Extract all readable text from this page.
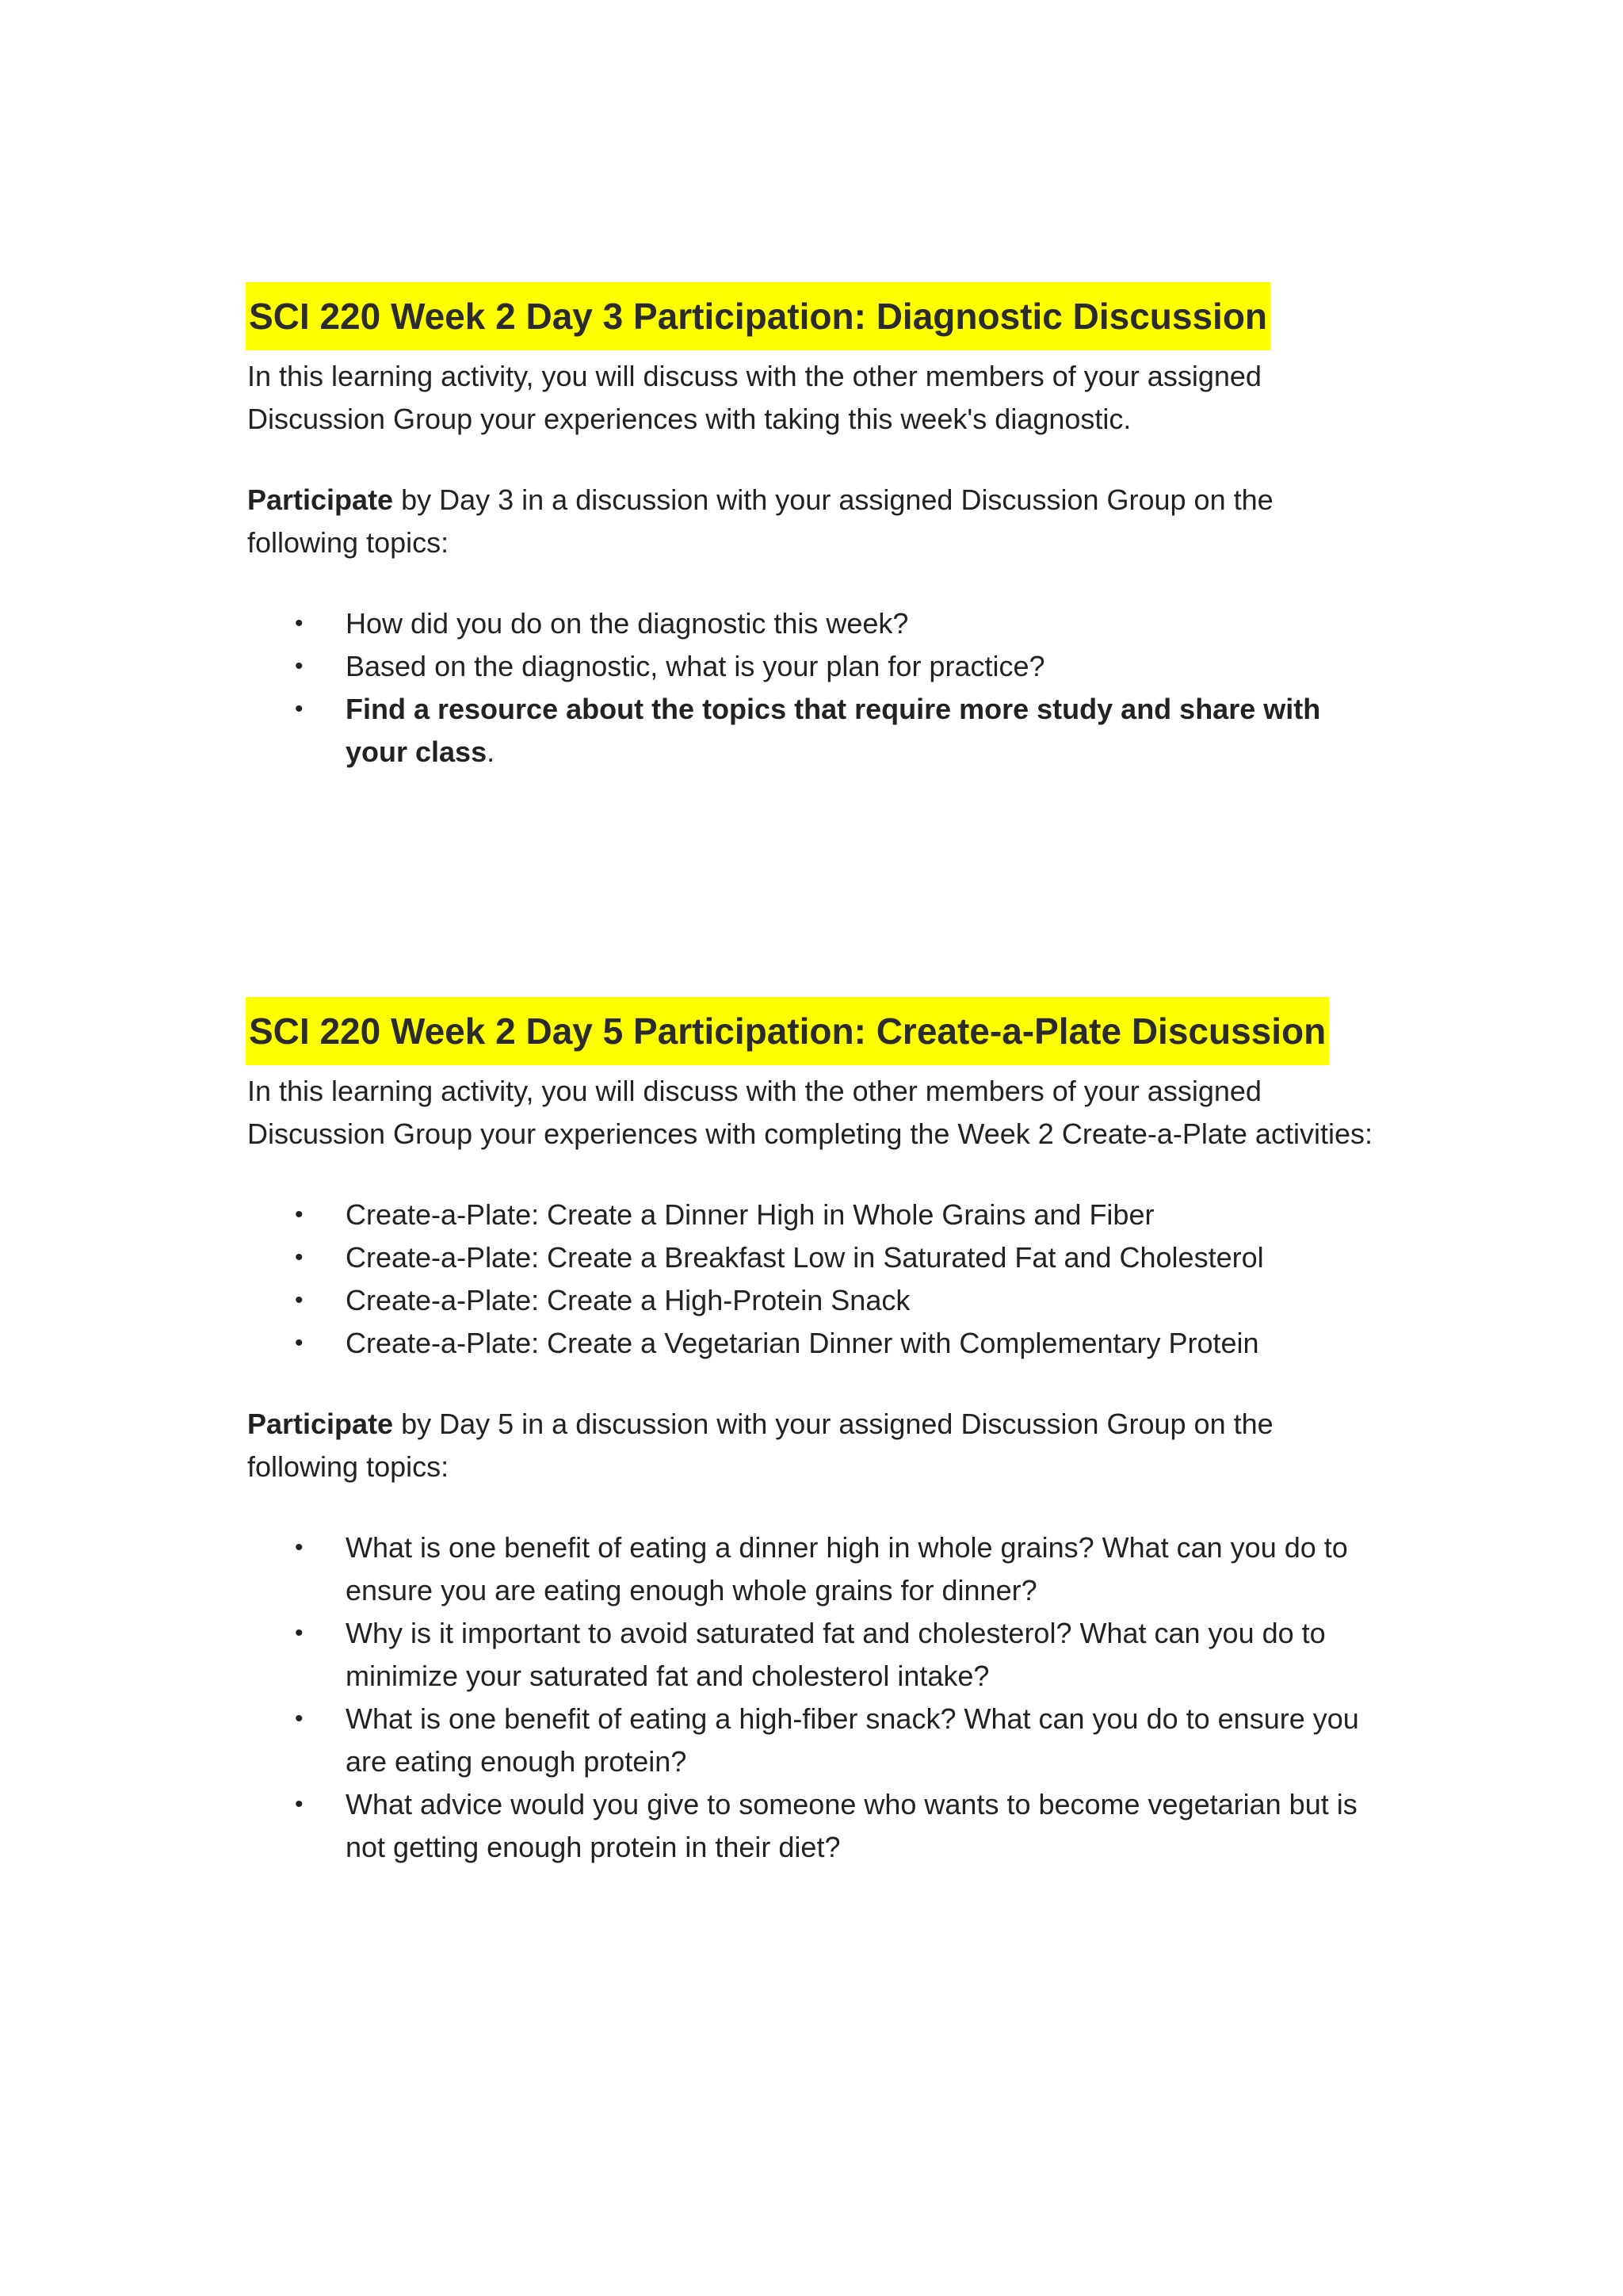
SCI 220 Week 2 Day 3 Participation: Diagnostic Discussion

In this learning activity, you will discuss with the other members of your assigned Discussion Group your experiences with taking this week's diagnostic.

Participate by Day 3 in a discussion with your assigned Discussion Group on the following topics:

• How did you do on the diagnostic this week?
• Based on the diagnostic, what is your plan for practice?
• Find a resource about the topics that require more study and share with your class.
SCI 220 Week 2 Day 5 Participation: Create-a-Plate Discussion

In this learning activity, you will discuss with the other members of your assigned Discussion Group your experiences with completing the Week 2 Create-a-Plate activities:

• Create-a-Plate: Create a Dinner High in Whole Grains and Fiber
• Create-a-Plate: Create a Breakfast Low in Saturated Fat and Cholesterol
• Create-a-Plate: Create a High-Protein Snack
• Create-a-Plate: Create a Vegetarian Dinner with Complementary Protein

Participate by Day 5 in a discussion with your assigned Discussion Group on the following topics:

• What is one benefit of eating a dinner high in whole grains? What can you do to ensure you are eating enough whole grains for dinner?
• Why is it important to avoid saturated fat and cholesterol? What can you do to minimize your saturated fat and cholesterol intake?
• What is one benefit of eating a high-fiber snack? What can you do to ensure you are eating enough protein?
• What advice would you give to someone who wants to become vegetarian but is not getting enough protein in their diet?
